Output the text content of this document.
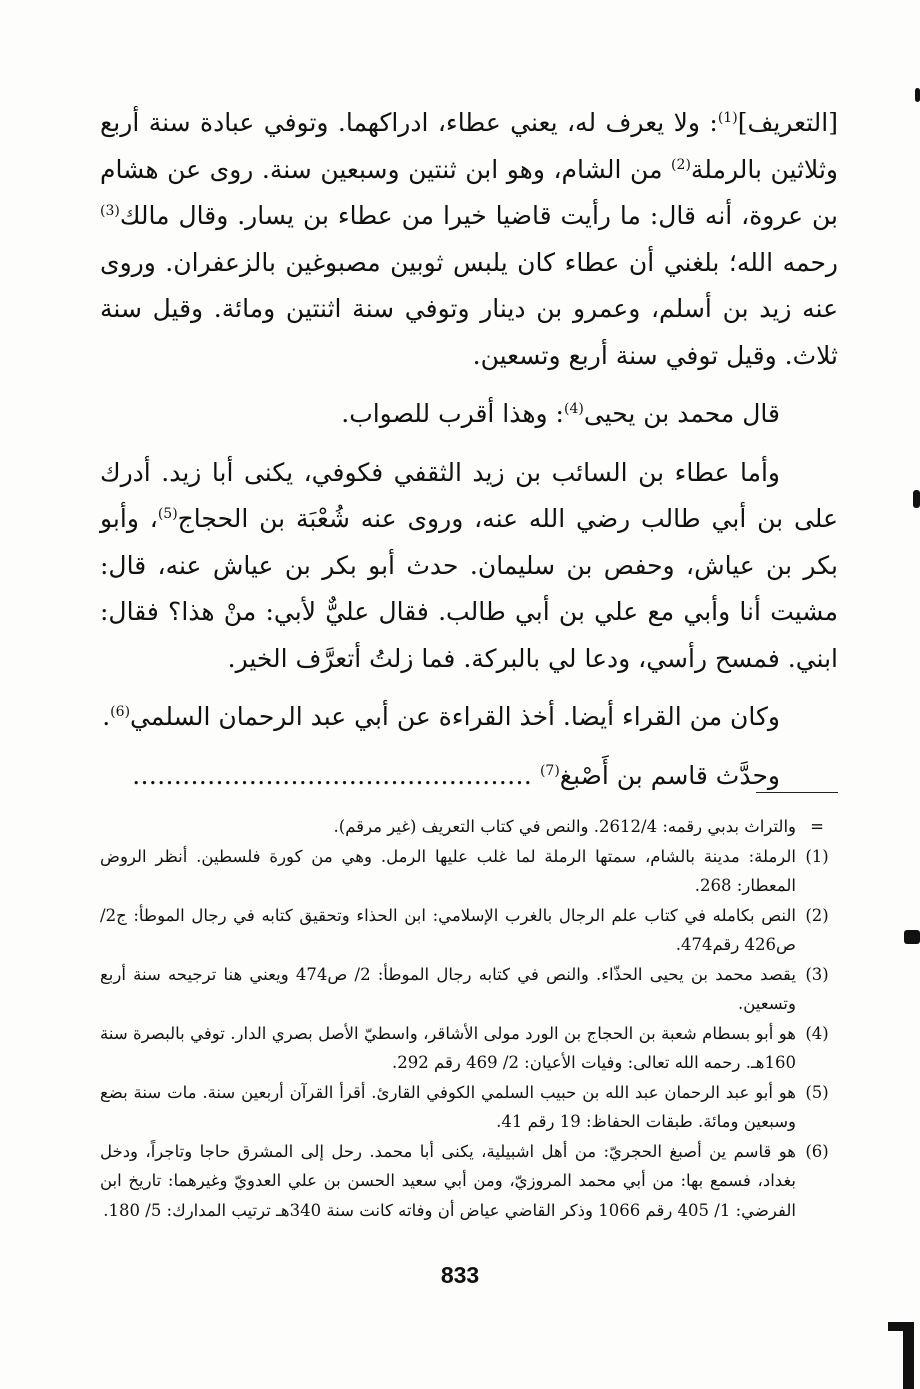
[التعريف]$^{(1)}$: ولا يعرف له، يعني عطاء، ادراكهما. وتوفي عبادة سنة أربع وثلاثين بالرملة$^{(2)}$ من الشام، وهو ابن ثنتين وسبعين سنة. روى عن هشام بن عروة، أنه قال: ما رأيت قاضيا خيرا من عطاء بن يسار. وقال مالك$^{(3)}$ رحمه الله؛ بلغني أن عطاء كان يلبس ثوبين مصبوغين بالزعفران. وروى عنه زيد بن أسلم، وعمرو بن دينار وتوفي سنة اثنتين ومائة. وقيل سنة ثلاث. وقيل توفي سنة أربع وتسعين.

قال محمد بن يحيى$^{(4)}$: وهذا أقرب للصواب.

وأما عطاء بن السائب بن زيد الثقفي فكوفي، يكنى أبا زيد. أدرك على بن أبي طالب رضي الله عنه، وروى عنه شُعْبَة بن الحجاج$^{(5)}$، وأبو بكر بن عياش، وحفص بن سليمان. حدث أبو بكر بن عياش عنه، قال: مشيت أنا وأبي مع علي بن أبي طالب. فقال عليٌّ لأبي: منْ هذا؟ فقال: ابني. فمسح رأسي، ودعا لي بالبركة. فما زلتُ أتعرَّف الخير.

وكان من القراء أيضا. أخذ القراءة عن أبي عبد الرحمان السلمي$^{(6)}$.

وحدَّث قاسم بن أَصْبغ$^{(7)}$ …………………………………………

=
والتراث بدبي رقمه: 2612/4. والنص في كتاب التعريف (غير مرقم).
(1)
الرملة: مدينة بالشام، سمتها الرملة لما غلب عليها الرمل. وهي من كورة فلسطين. أنظر الروض المعطار: 268.
(2)
النص بكامله في كتاب علم الرجال بالغرب الإسلامي: ابن الحذاء وتحقيق كتابه في رجال الموطأ: ج2/ ص426 رقم474.
(3)
يقصد محمد بن يحيى الحذّاء. والنص في كتابه رجال الموطأ: 2/ ص474 ويعني هنا ترجيحه سنة أربع وتسعين.
(4)
هو أبو بسطام شعبة بن الحجاج بن الورد مولى الأشاقر، واسطيّ الأصل بصري الدار. توفي بالبصرة سنة 160هـ. رحمه الله تعالى: وفيات الأعيان: 2/ 469 رقم 292.
(5)
هو أبو عبد الرحمان عبد الله بن حبيب السلمي الكوفي القارئ. أقرأ القرآن أربعين سنة. مات سنة بضع وسبعين ومائة. طبقات الحفاظ: 19 رقم 41.
(6)
هو قاسم ين أصبغ الحجريّ: من أهل اشبيلية، يكنى أبا محمد. رحل إلى المشرق حاجا وتاجراً، ودخل بغداد، فسمع بها: من أبي محمد المروزيّ، ومن أبي سعيد الحسن بن علي العدويّ وغيرهما: تاريخ ابن الفرضي: 1/ 405 رقم 1066 وذكر القاضي عياض أن وفاته كانت سنة 340هـ ترتيب المدارك: 5/ 180.
833
